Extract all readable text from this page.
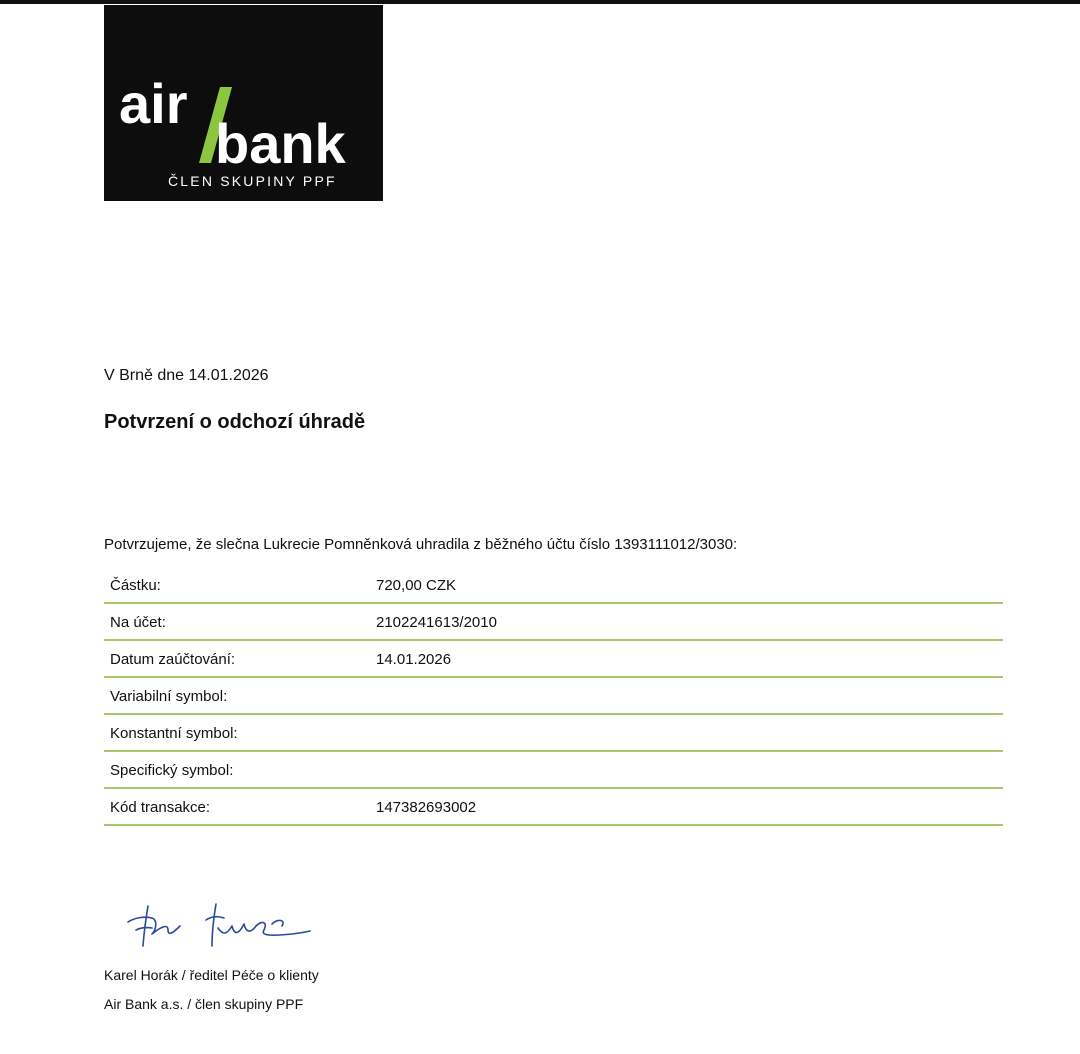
air
bank
ČLEN SKUPINY PPF
V Brně dne 14.01.2026
Potvrzení o odchozí úhradě
Potvrzujeme, že slečna Lukrecie Pomněnková uhradila z běžného účtu číslo 1393111012/3030:
Částku:	720,00 CZK
Na účet:	2102241613/2010
Datum zaúčtování:	14.01.2026
Variabilní symbol:
Konstantní symbol:
Specifický symbol:
Kód transakce:	147382693002
Karel Horák / ředitel Péče o klienty
Air Bank a.s. / člen skupiny PPF
